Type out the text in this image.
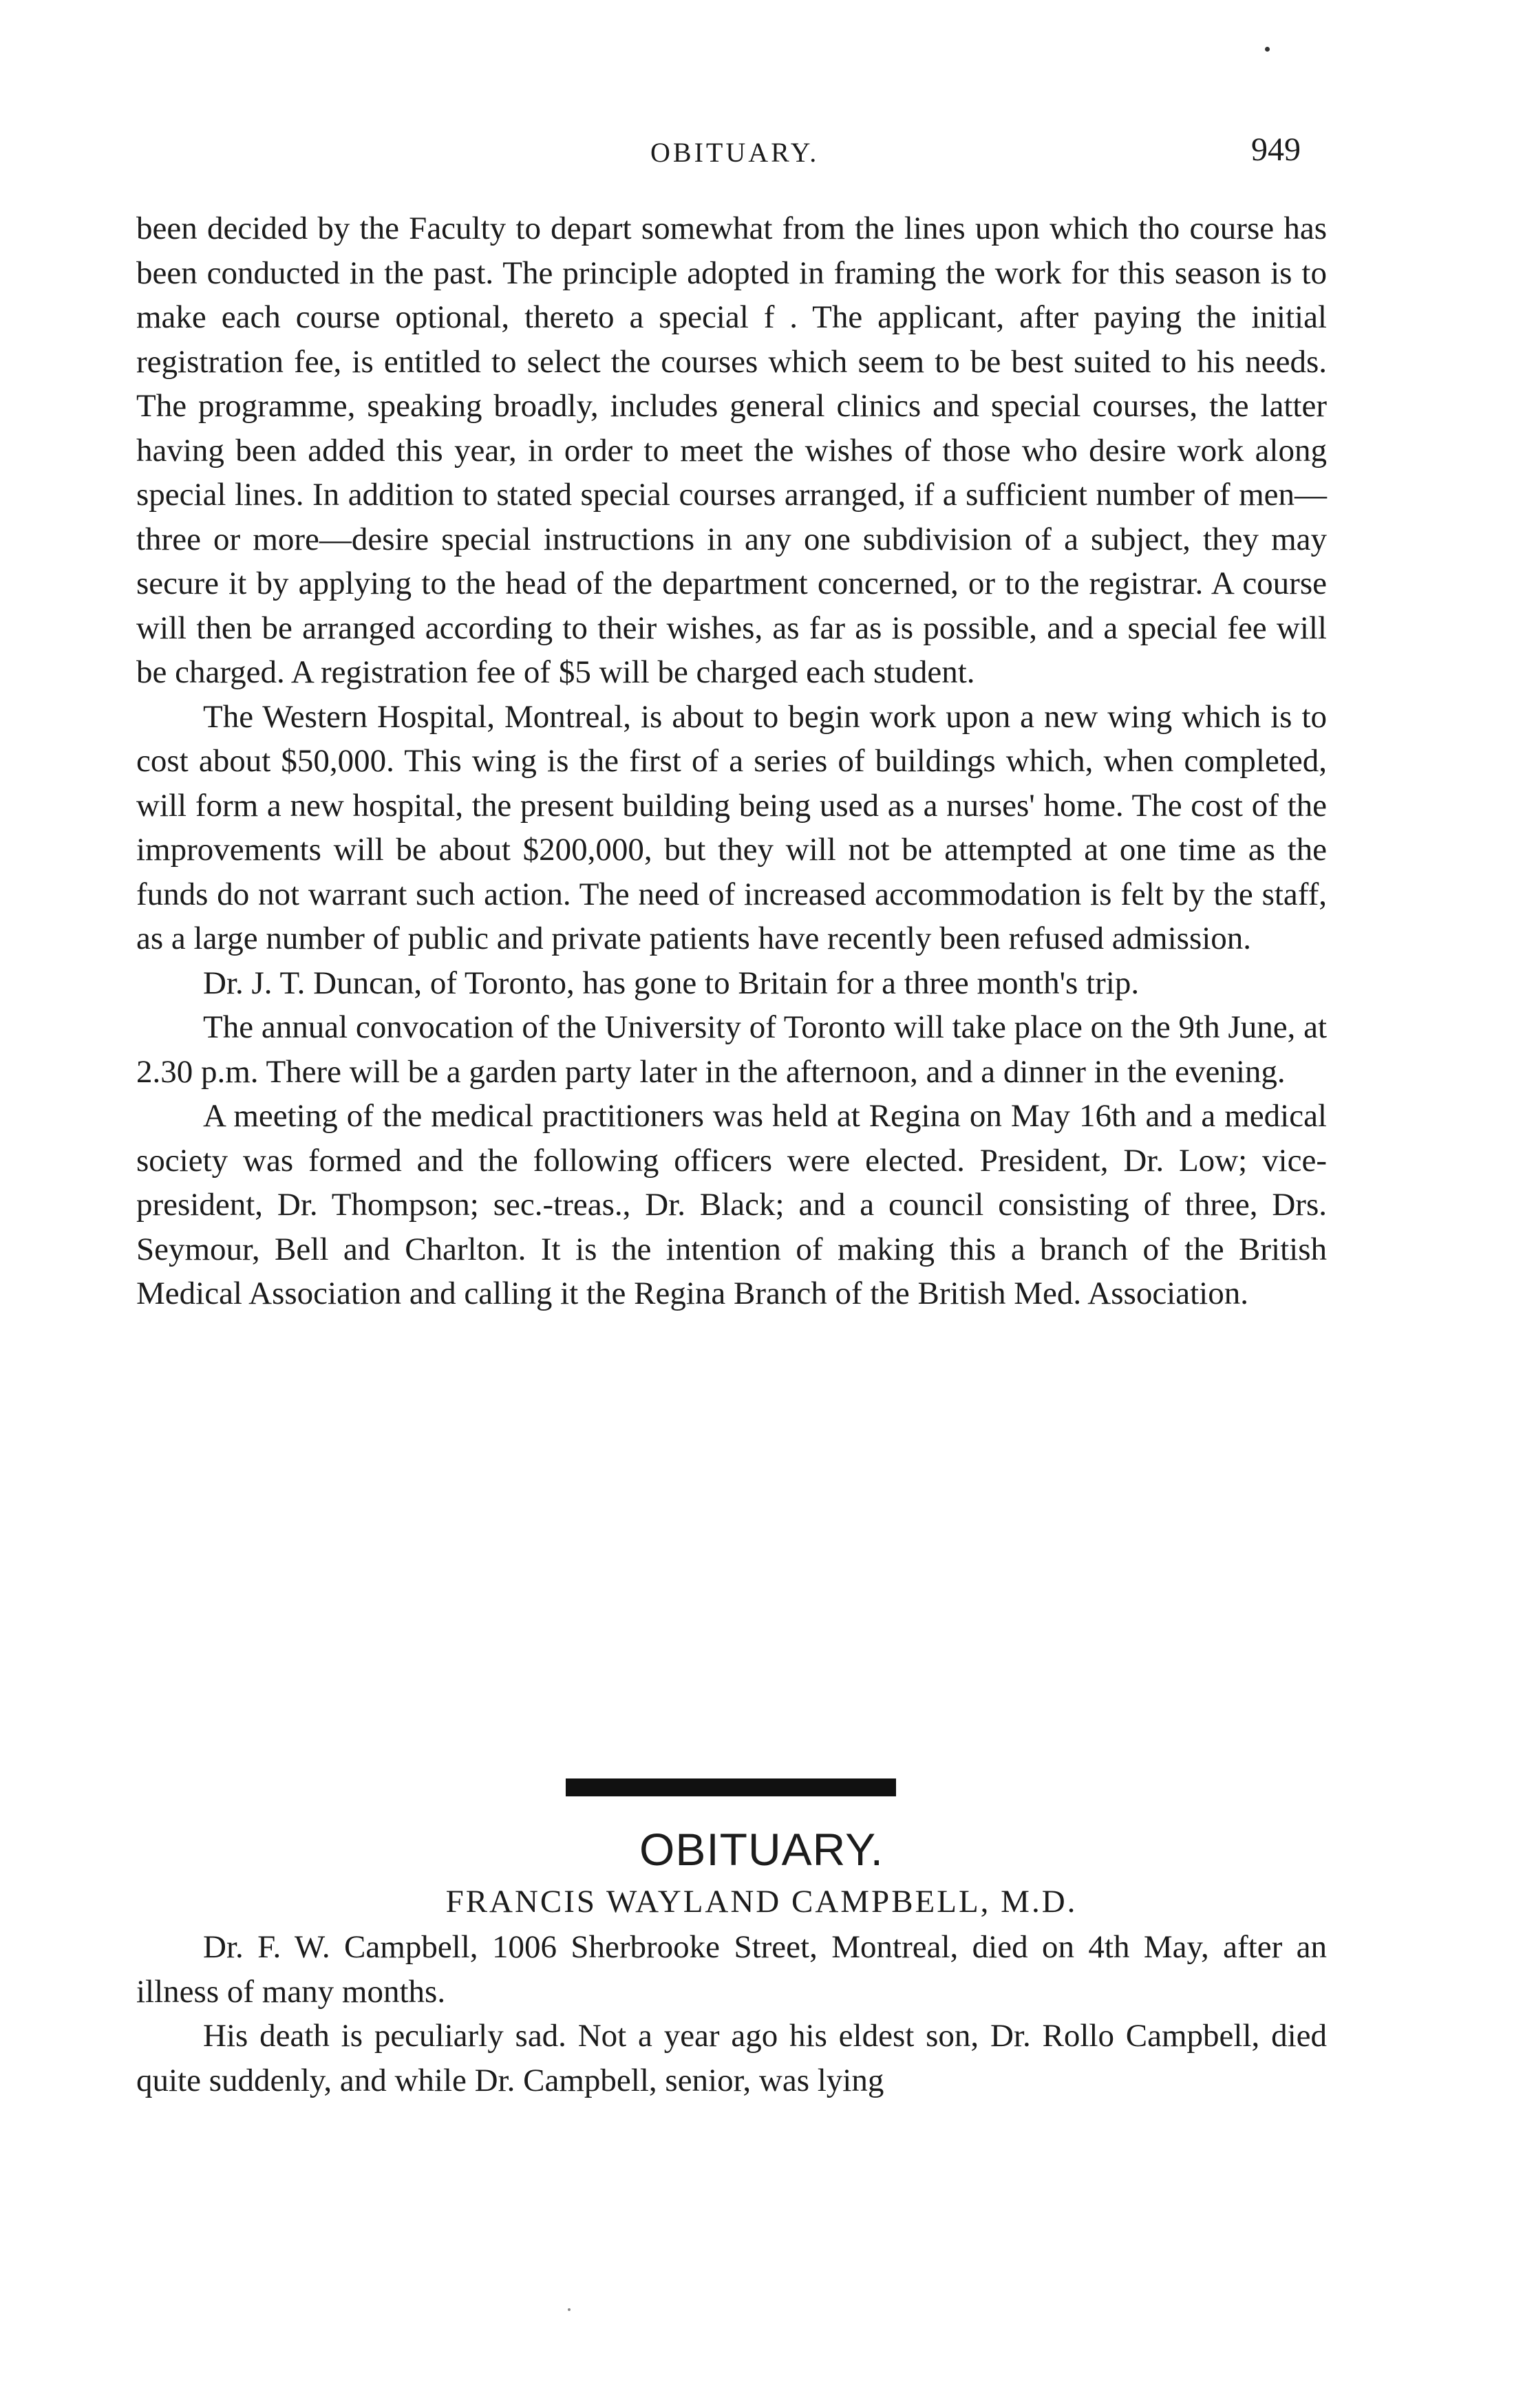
OBITUARY.	949

been decided by the Faculty to depart somewhat from the lines upon which tho course has been conducted in the past. The principle adopted in framing the work for this season is to make each course optional, thereto a special f . The applicant, after paying the initial registration fee, is entitled to select the courses which seem to be best suited to his needs. The programme, speaking broadly, includes general clinics and special courses, the latter having been added this year, in order to meet the wishes of those who desire work along special lines. In addition to stated special courses arranged, if a sufficient number of men—three or more—desire special instructions in any one subdivision of a subject, they may secure it by applying to the head of the department concerned, or to the registrar. A course will then be arranged according to their wishes, as far as is possible, and a special fee will be charged. A registration fee of $5 will be charged each student.

The Western Hospital, Montreal, is about to begin work upon a new wing which is to cost about $50,000. This wing is the first of a series of buildings which, when completed, will form a new hospital, the present building being used as a nurses' home. The cost of the improvements will be about $200,000, but they will not be attempted at one time as the funds do not warrant such action. The need of increased accommodation is felt by the staff, as a large number of public and private patients have recently been refused admission.

Dr. J. T. Duncan, of Toronto, has gone to Britain for a three month's trip.

The annual convocation of the University of Toronto will take place on the 9th June, at 2.30 p.m. There will be a garden party later in the afternoon, and a dinner in the evening.

A meeting of the medical practitioners was held at Regina on May 16th and a medical society was formed and the following officers were elected. President, Dr. Low; vice-president, Dr. Thompson; sec.-treas., Dr. Black; and a council consisting of three, Drs. Seymour, Bell and Charlton. It is the intention of making this a branch of the British Medical Association and calling it the Regina Branch of the British Med. Association.

OBITUARY.
FRANCIS WAYLAND CAMPBELL, M.D.

Dr. F. W. Campbell, 1006 Sherbrooke Street, Montreal, died on 4th May, after an illness of many months.

His death is peculiarly sad. Not a year ago his eldest son, Dr. Rollo Campbell, died quite suddenly, and while Dr. Campbell, senior, was lying
